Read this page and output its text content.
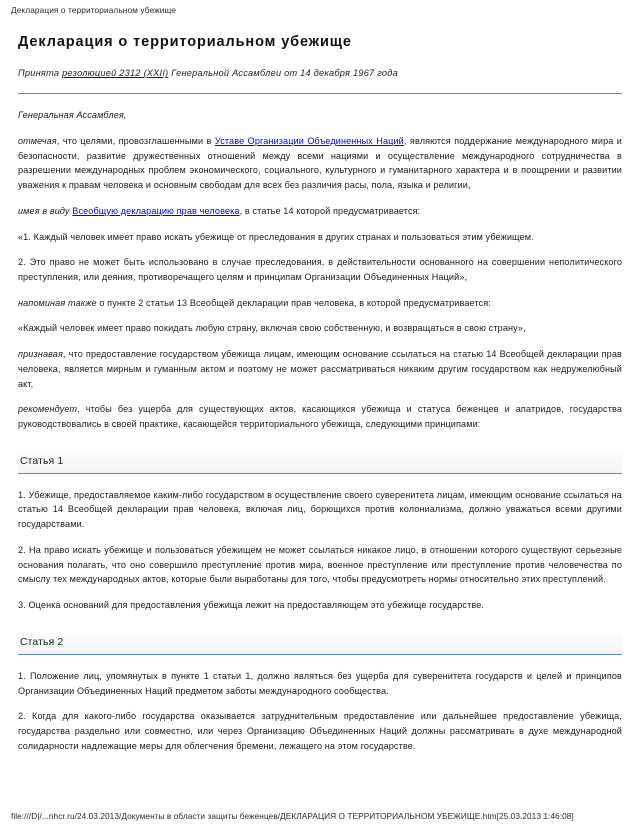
Декларация о территориальном убежище
Декларация о территориальном убежище

Принята резолюцией 2312 (XXII) Генеральной Ассамблеи от 14 декабря 1967 года

Генеральная Ассамблея,

отмечая, что целями, провозглашенными в Уставе Организации Объединенных Наций, являются поддержание международного мира и безопасности, развитие дружественных отношений между всеми нациями и осуществление международного сотрудничества в разрешении международных проблем экономического, социального, культурного и гуманитарного характера и в поощрении и развитии уважения к правам человека и основным свободам для всех без различия расы, пола, языка и религии,

имея в виду Всеобщую декларацию прав человека, в статье 14 которой предусматривается:

«1. Каждый человек имеет право искать убежище от преследования в других странах и пользоваться этим убежищем.

2. Это право не может быть использовано в случае преследования, в действительности основанного на совершении неполитического преступления, или деяния, противоречащего целям и принципам Организации Объединенных Наций»,

напоминая также о пункте 2 статьи 13 Всеобщей декларации прав человека, в которой предусматривается:

«Каждый человек имеет право покидать любую страну, включая свою собственную, и возвращаться в свою страну»,

признавая, что предоставление государством убежища лицам, имеющим основание ссылаться на статью 14 Всеобщей декларации прав человека, является мирным и гуманным актом и поэтому не может рассматриваться никаким другим государством как недружелюбный акт,

рекомендует, чтобы без ущерба для существующих актов, касающихся убежища и статуса беженцев и апатридов, государства руководствовались в своей практике, касающейся территориального убежища, следующими принципами:

Статья 1

1. Убежище, предоставляемое каким-либо государством в осуществление своего суверенитета лицам, имеющим основание ссылаться на статью 14 Всеобщей декларации прав человека, включая лиц, борющихся против колониализма, должно уважаться всеми другими государствами.

2. На право искать убежище и пользоваться убежищем не может ссылаться никакое лицо, в отношении которого существуют серьезные основания полагать, что оно совершило преступление против мира, военное преступление или преступление против человечества по смыслу тех международных актов, которые были выработаны для того, чтобы предусмотреть нормы относительно этих преступлений.

3. Оценка оснований для предоставления убежища лежит на предоставляющем это убежище государстве.

Статья 2

1. Положение лиц, упомянутых в пункте 1 статьи 1, должно являться без ущерба для суверенитета государств и целей и принципов Организации Объединенных Наций предметом заботы международного сообщества.

2. Когда для какого-либо государства оказывается затруднительным предоставление или дальнейшее предоставление убежища, государства раздельно или совместно, или через Организацию Объединенных Наций должны рассматривать в духе международной солидарности надлежащие меры для облегчения бремени, лежащего на этом государстве.

file:///D|/...nhcr.ru/24.03.2013/Документы в области защиты беженцев/ДЕКЛАРАЦИЯ О ТЕРРИТОРИАЛЬНОМ УБЕЖИЩЕ.htm[25.03.2013 1:46:08]
